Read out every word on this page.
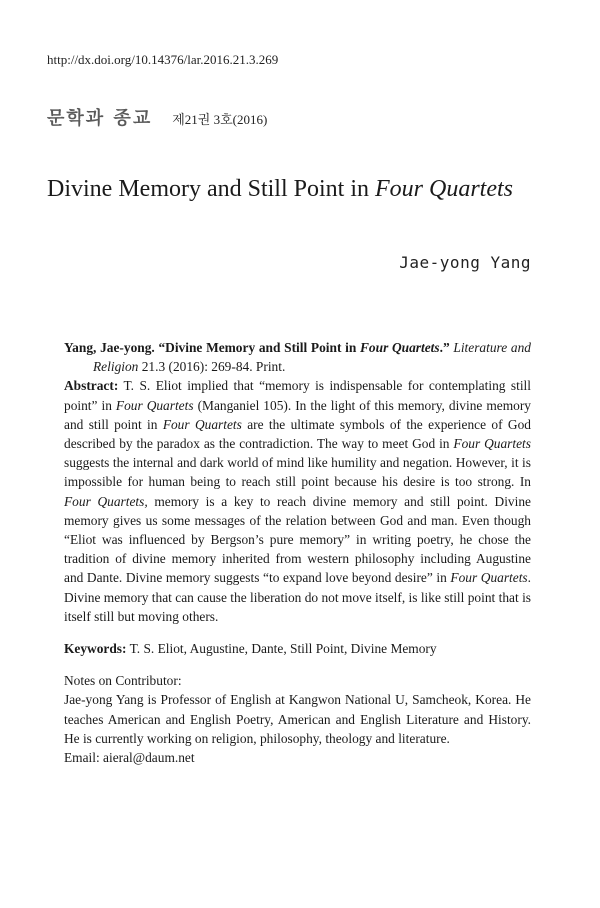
http://dx.doi.org/10.14376/lar.2016.21.3.269
문학과 종교 제21권 3호(2016)
Divine Memory and Still Point in Four Quartets
Jae-yong Yang

Yang, Jae-yong. “Divine Memory and Still Point in Four Quartets.” Literature and Religion 21.3 (2016): 269-84. Print.

Abstract: T. S. Eliot implied that “memory is indispensable for contemplating still point” in Four Quartets (Manganiel 105). In the light of this memory, divine memory and still point in Four Quartets are the ultimate symbols of the experience of God described by the paradox as the contradiction. The way to meet God in Four Quartets suggests the internal and dark world of mind like humility and negation. However, it is impossible for human being to reach still point because his desire is too strong. In Four Quartets, memory is a key to reach divine memory and still point. Divine memory gives us some messages of the relation between God and man. Even though “Eliot was influenced by Bergson’s pure memory” in writing poetry, he chose the tradition of divine memory inherited from western philosophy including Augustine and Dante. Divine memory suggests “to expand love beyond desire” in Four Quartets. Divine memory that can cause the liberation do not move itself, is like still point that is itself still but moving others.

Keywords: T. S. Eliot, Augustine, Dante, Still Point, Divine Memory

Notes on Contributor:
Jae-yong Yang is Professor of English at Kangwon National U, Samcheok, Korea. He teaches American and English Poetry, American and English Literature and History. He is currently working on religion, philosophy, theology and literature.
Email: aieral@daum.net
